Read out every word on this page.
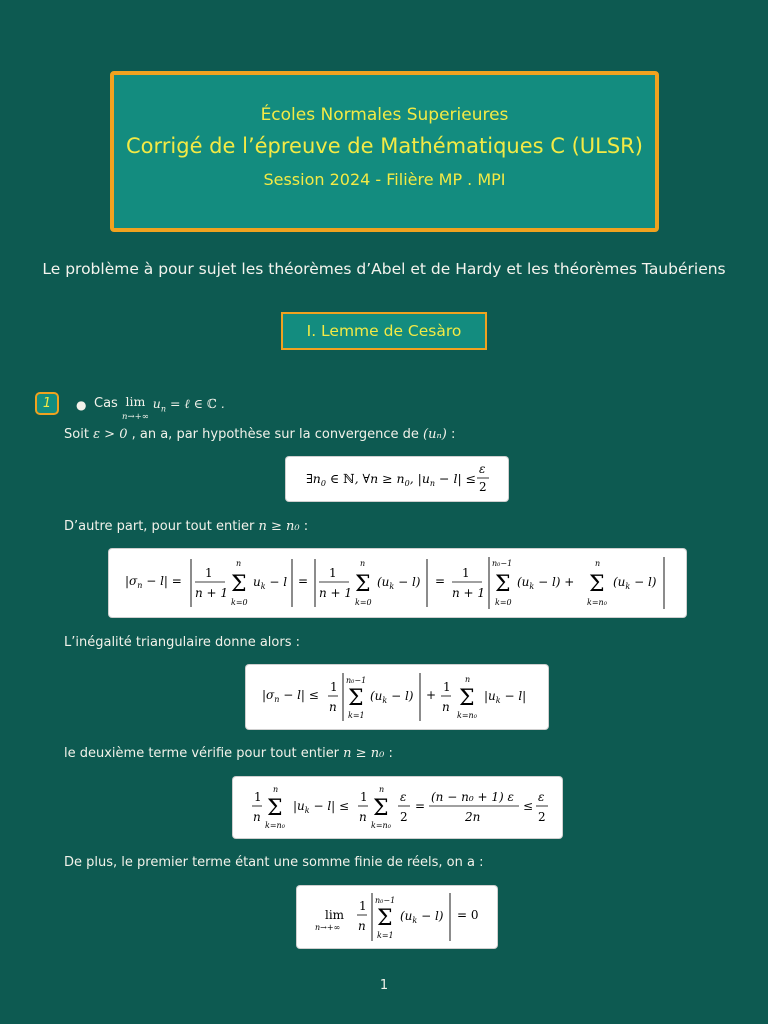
Écoles Normales Superieures
Corrigé de l’épreuve de Mathématiques C (ULSR)
Session 2024 - Filière MP . MPI
Le problème à pour sujet les théorèmes d’Abel et de Hardy et les théorèmes Taubériens
I. Lemme de Cesàro
1	● Cas lim
n→+∞ $u_n$ = ℓ ∈ ℂ .
Soit ε > 0 , an a, par hypothèse sur la convergence de (uₙ) :
$\exists n_0$ ∈ ℕ, ∀n ≥ $n_0$, $|u_n - l|$ ≤
ε
2
D’autre part, pour tout entier n ≥ n₀ :
$|\sigma_n - l|$ =
1
n + 1 Σ
n
k=0
$u_k - l$ =
1
n + 1 Σ
n
k=0
$(u_k - l)$ =
1
n + 1 Σ
n₀−1
k=0
$(u_k - l) + \Sigma$
n
k=n₀
$(u_k - l)$
L’inégalité triangulaire donne alors :
$|\sigma_n - l|$ ≤
1
n Σ
n₀−1
k=1
$(u_k - l)$ +
1
n Σ
n
k=n₀
$|u_k - l|$
le deuxième terme vérifie pour tout entier n ≥ n₀ :
1
n Σ
n
k=n₀
$|u_k - l|$ ≤
1
n Σ
n
k=n₀
ε
2
=
(n − n₀ + 1) ε
2n
≤
ε
2
De plus, le premier terme étant une somme finie de réels, on a :
lim
n→+∞
1
n Σ
n₀−1
k=1
$(u_k - l) = 0$
1
